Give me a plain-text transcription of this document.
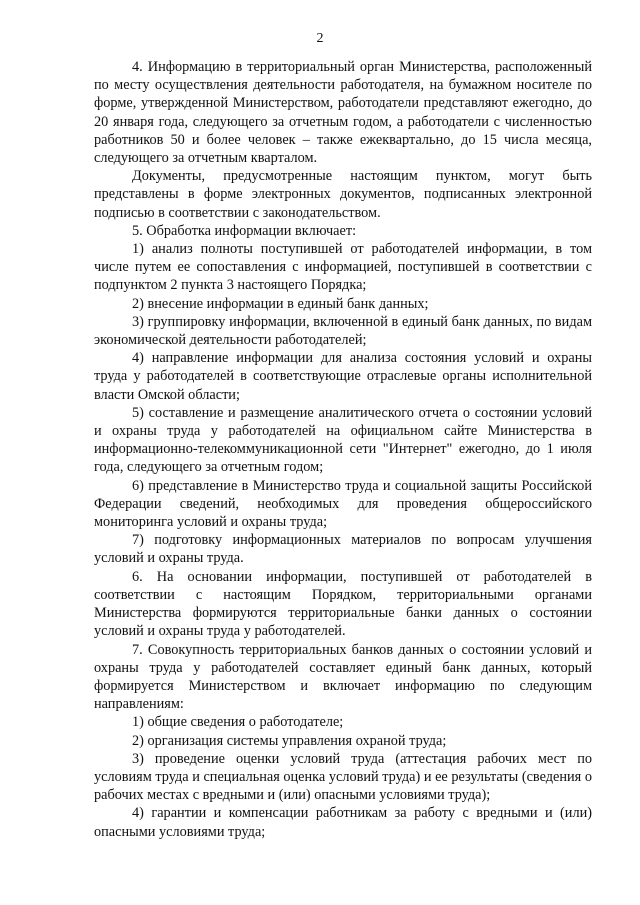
2

4. Информацию в территориальный орган Министерства, расположенный по месту осуществления деятельности работодателя, на бумажном носителе по форме, утвержденной Министерством, работодатели представляют ежегодно, до 20 января года, следующего за отчетным годом, а работодатели с численностью работников 50 и более человек – также ежеквартально, до 15 числа месяца, следующего за отчетным кварталом.

Документы, предусмотренные настоящим пунктом, могут быть представлены в форме электронных документов, подписанных электронной подписью в соответствии с законодательством.

5. Обработка информации включает:

1) анализ полноты поступившей от работодателей информации, в том числе путем ее сопоставления с информацией, поступившей в соответствии с подпунктом 2 пункта 3 настоящего Порядка;

2) внесение информации в единый банк данных;

3) группировку информации, включенной в единый банк данных, по видам экономической деятельности работодателей;

4) направление информации для анализа состояния условий и охраны труда у работодателей в соответствующие отраслевые органы исполнительной власти Омской области;

5) составление и размещение аналитического отчета о состоянии условий и охраны труда у работодателей на официальном сайте Министерства в информационно-телекоммуникационной сети "Интернет" ежегодно, до 1 июля года, следующего за отчетным годом;

6) представление в Министерство труда и социальной защиты Российской Федерации сведений, необходимых для проведения общероссийского мониторинга условий и охраны труда;

7) подготовку информационных материалов по вопросам улучшения условий и охраны труда.

6. На основании информации, поступившей от работодателей в соответствии с настоящим Порядком, территориальными органами Министерства формируются территориальные банки данных о состоянии условий и охраны труда у работодателей.

7. Совокупность территориальных банков данных о состоянии условий и охраны труда у работодателей составляет единый банк данных, который формируется Министерством и включает информацию по следующим направлениям:

1) общие сведения о работодателе;

2) организация системы управления охраной труда;

3) проведение оценки условий труда (аттестация рабочих мест по условиям труда и специальная оценка условий труда) и ее результаты (сведения о рабочих местах с вредными и (или) опасными условиями труда);

4) гарантии и компенсации работникам за работу с вредными и (или) опасными условиями труда;
